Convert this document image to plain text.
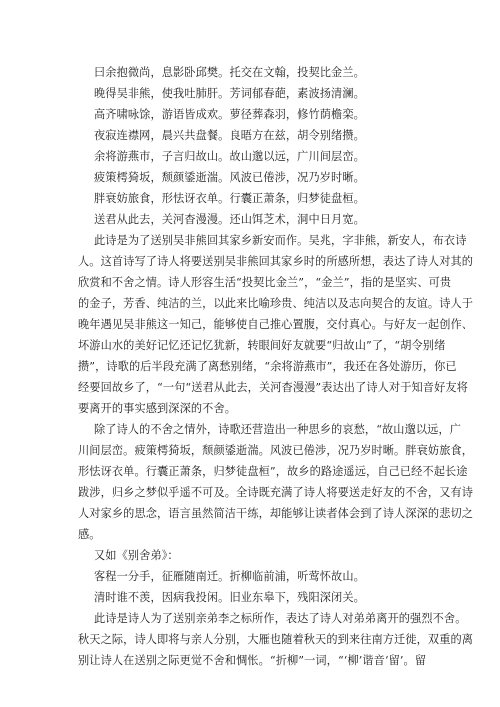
曰余抱微尚，息影卧邱樊。托交在文翰，投契比金兰。
晚得吴非熊，使我吐肺肝。芳词郁春葩，素波扬清澜。
高齐啸咏馀，游语皆成欢。萝径葬森羽，修竹荫檐栾。
夜寂连襟网，晨兴共盘餐。良晤方在兹，胡令别绪攒。
余将游燕市，子言归故山。故山邈以远，广川间层峦。
疲策樗猗坂，颓颜鋈逝湍。风波已倦涉，况乃岁时晰。
胖衰妨旅食，形怯讶衣单。行囊正萧条，归梦徒盘桓。
送君从此去，关河杳漫漫。还山饵芝术，洞中日月宽。
此诗是为了送别吴非熊回其家乡新安而作。吴兆，字非熊，新安人，布衣诗
人。这首诗写了诗人将要送别吴非熊回其家乡时的所感所想，表达了诗人对其的
欣赏和不舍之情。诗人形容生活“投契比金兰”，“金兰”，指的是坚实、可贵
的金子，芳香、纯洁的兰，以此来比喻珍贵、纯洁以及志向契合的友谊。诗人于
晚年遇见吴非熊这一知己，能够使自己推心置腹，交付真心。与好友一起创作、
坏游山水的美好记忆还记忆犹新，转眼间好友就要“归故山”了，“胡令别绪
攒”，诗歌的后半段充满了离愁别绪，“余将游燕市”，我还在各处游历，你已
经要回故乡了，“一句“送君从此去，关河杳漫漫”表达出了诗人对于知音好友将
要离开的事实感到深深的不舍。
除了诗人的不舍之情外，诗歌还营造出一种思乡的哀愁，“故山邈以远，广
川间层峦。疲策樗猗坂，颓颜鋈逝湍。风波已倦涉，况乃岁时晰。胖衰妨旅食，
形怯讶衣单。行囊正萧条，归梦徒盘桓”，故乡的路途遥远，自己已经不起长途
跋涉，归乡之梦似乎遥不可及。全诗既充满了诗人将要送走好友的不舍，又有诗
人对家乡的思念，语言虽然简洁干练，却能够让读者体会到了诗人深深的悲切之
感。
又如《别舍弟》：
客程一分手，征雁随南迁。折柳临前浦，听莺怀故山。
清时谁不羡，因病我投闲。旧业东皋下，残阳深闭关。
此诗是诗人为了送别亲弟李之标所作，表达了诗人对弟弟离开的强烈不舍。
秋天之际，诗人即将与亲人分别，大雁也随着秋天的到来往南方迁徙，双重的离
别让诗人在送别之际更觉不舍和惆怅。“折柳”一词，“‘柳’谐音‘留’。留
